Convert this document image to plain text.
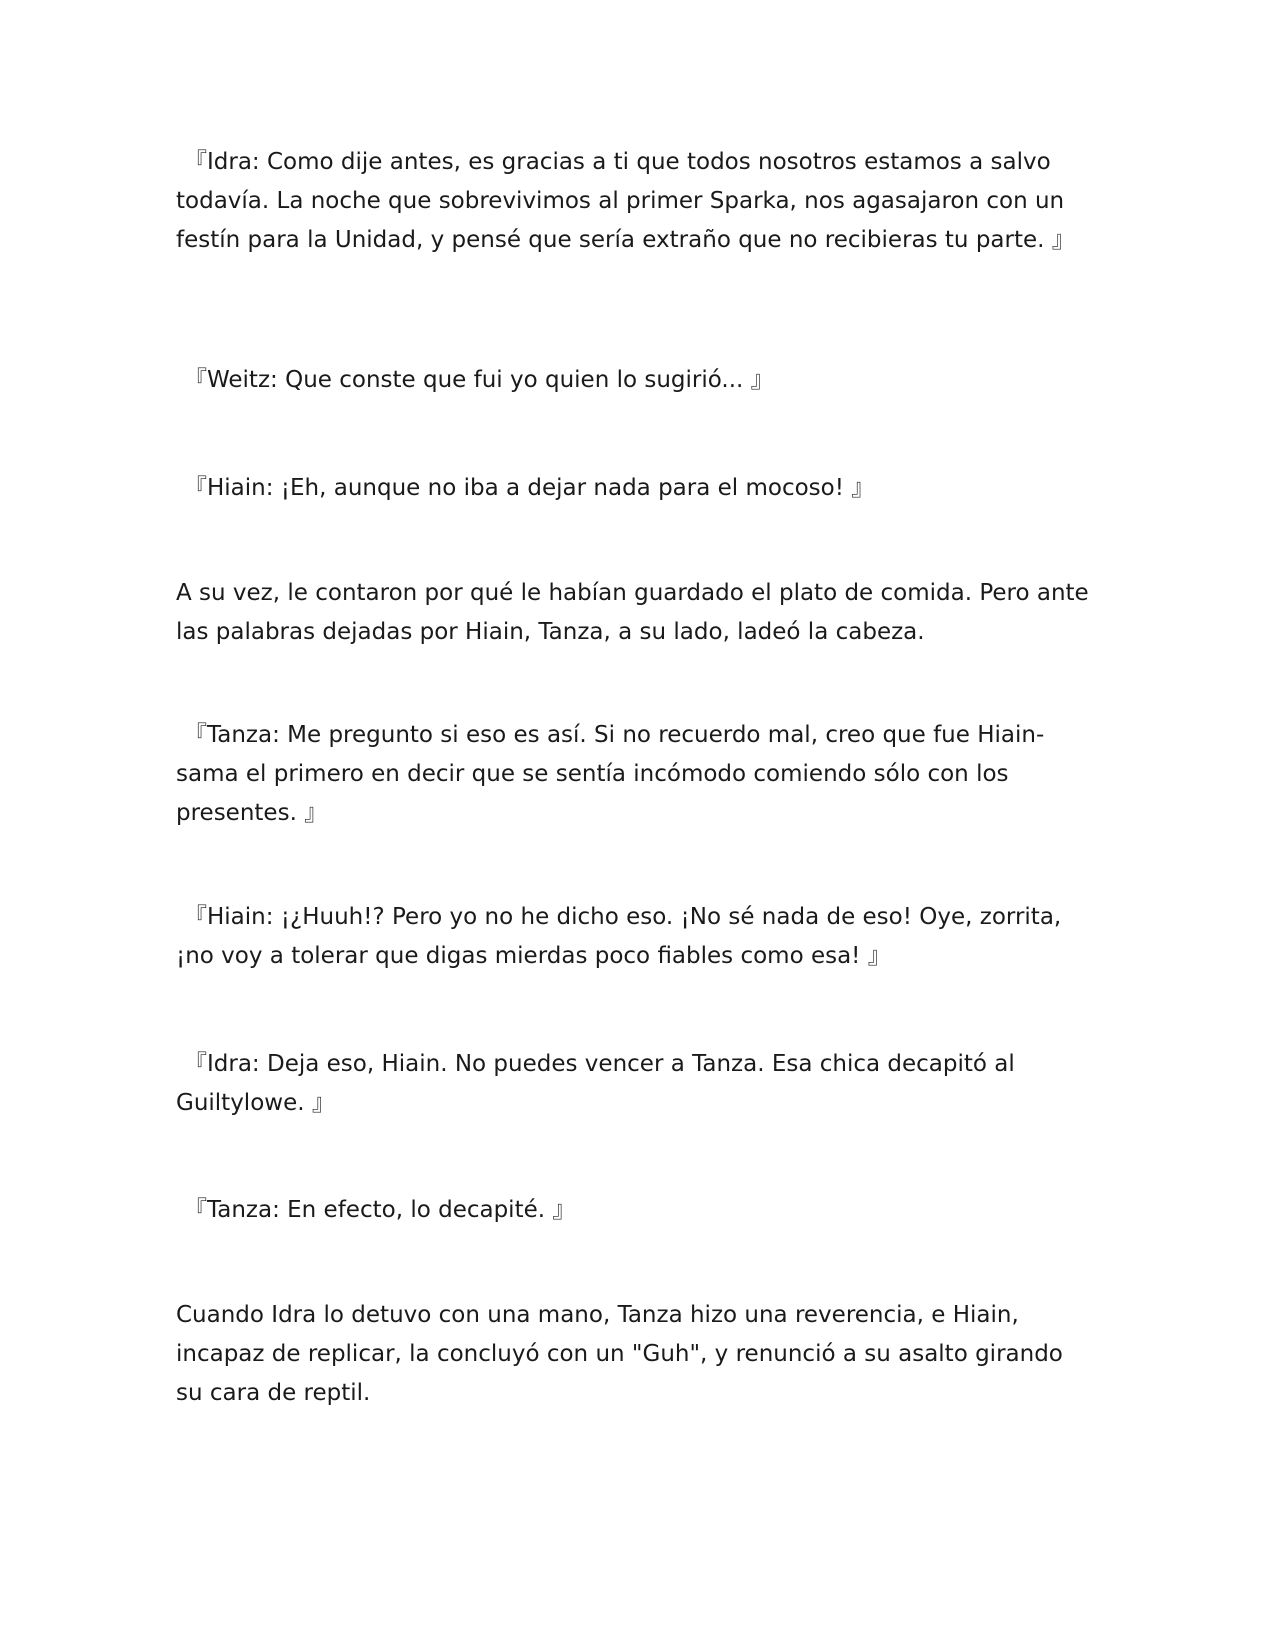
『Idra: Como dije antes, es gracias a ti que todos nosotros estamos a salvo todavía. La noche que sobrevivimos al primer Sparka, nos agasajaron con un festín para la Unidad, y pensé que sería extraño que no recibieras tu parte. 』

『Weitz: Que conste que fui yo quien lo sugirió... 』

『Hiain: ¡Eh, aunque no iba a dejar nada para el mocoso! 』

A su vez, le contaron por qué le habían guardado el plato de comida. Pero ante las palabras dejadas por Hiain, Tanza, a su lado, ladeó la cabeza.

『Tanza: Me pregunto si eso es así. Si no recuerdo mal, creo que fue Hiain-sama el primero en decir que se sentía incómodo comiendo sólo con los presentes. 』

『Hiain: ¡¿Huuh!? Pero yo no he dicho eso. ¡No sé nada de eso! Oye, zorrita, ¡no voy a tolerar que digas mierdas poco fiables como esa! 』

『Idra: Deja eso, Hiain. No puedes vencer a Tanza. Esa chica decapitó al Guiltylowe. 』

『Tanza: En efecto, lo decapité. 』

Cuando Idra lo detuvo con una mano, Tanza hizo una reverencia, e Hiain, incapaz de replicar, la concluyó con un "Guh", y renunció a su asalto girando su cara de reptil.
